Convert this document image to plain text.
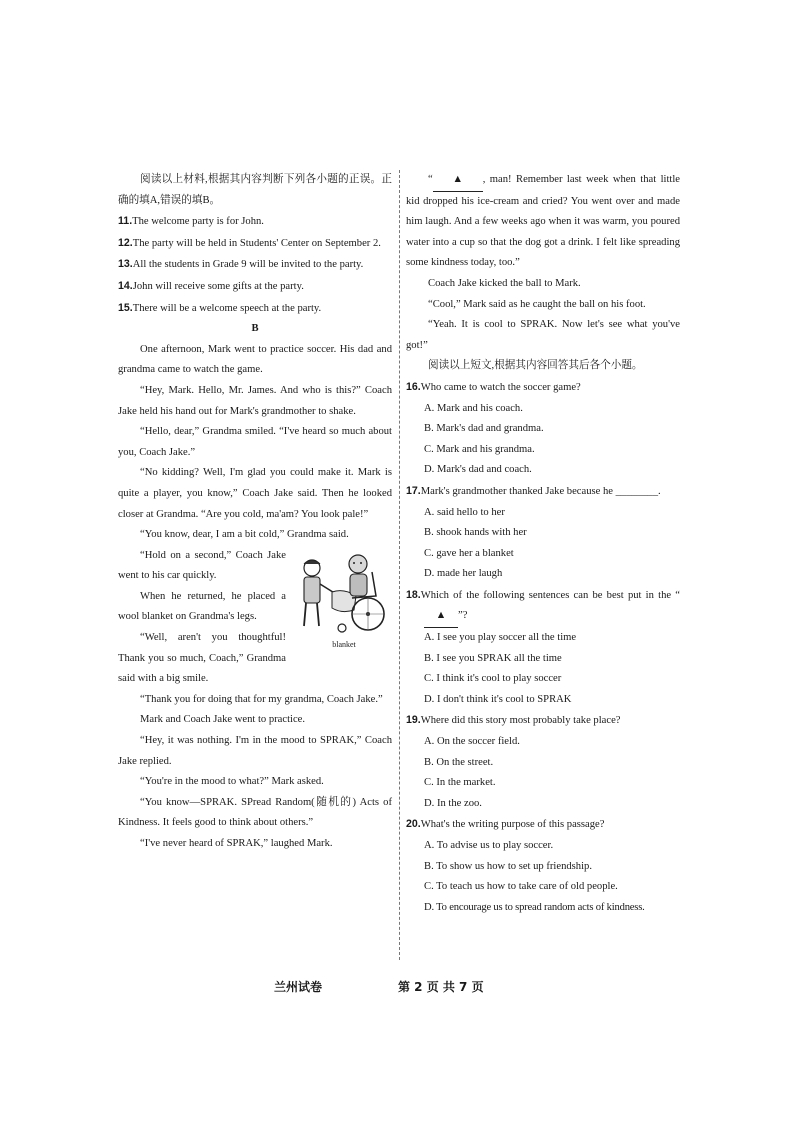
阅读以上材料,根据其内容判断下列各小题的正误。正确的填A,错误的填B。

11.The welcome party is for John.
12.The party will be held in Students' Center on September 2.
13.All the students in Grade 9 will be invited to the party.
14.John will receive some gifts at the party.
15.There will be a welcome speech at the party.

B

One afternoon, Mark went to practice soccer. His dad and grandma came to watch the game.

“Hey, Mark. Hello, Mr. James. And who is this?” Coach Jake held his hand out for Mark's grandmother to shake.

“Hello, dear,” Grandma smiled. “I've heard so much about you, Coach Jake.”

“No kidding? Well, I'm glad you could make it. Mark is quite a player, you know,” Coach Jake said. Then he looked closer at Grandma. “Are you cold, ma'am? You look pale!”

“You know, dear, I am a bit cold,” Grandma said.

blanket

“Hold on a second,” Coach Jake went to his car quickly.

When he returned, he placed a wool blanket on Grandma's legs.

“Well, aren't you thoughtful! Thank you so much, Coach,” Grandma said with a big smile.

“Thank you for doing that for my grandma, Coach Jake.”

Mark and Coach Jake went to practice.

“Hey, it was nothing. I'm in the mood to SPRAK,” Coach Jake replied.

“You're in the mood to what?” Mark asked.

“You know—SPRAK. SPread Random(随机的) Acts of Kindness. It feels good to think about others.”

“I've never heard of SPRAK,” laughed Mark.

“ ▲ , man! Remember last week when that little kid dropped his ice-cream and cried? You went over and made him laugh. And a few weeks ago when it was warm, you poured water into a cup so that the dog got a drink. I felt like spreading some kindness today, too.”

Coach Jake kicked the ball to Mark.

“Cool,” Mark said as he caught the ball on his foot.

“Yeah. It is cool to SPRAK. Now let's see what you've got!”

阅读以上短文,根据其内容回答其后各个小题。

16.Who came to watch the soccer game?
A. Mark and his coach.
B. Mark's dad and grandma.
C. Mark and his grandma.
D. Mark's dad and coach.
17.Mark's grandmother thanked Jake because he ________.
A. said hello to her
B. shook hands with her
C. gave her a blanket
D. made her laugh
18.Which of the following sentences can be best put in the “▲ ”?
A. I see you play soccer all the time
B. I see you SPRAK all the time
C. I think it's cool to play soccer
D. I don't think it's cool to SPRAK
19.Where did this story most probably take place?
A. On the soccer field.
B. On the street.
C. In the market.
D. In the zoo.
20.What's the writing purpose of this passage?
A. To advise us to play soccer.
B. To show us how to set up friendship.
C. To teach us how to take care of old people.
D. To encourage us to spread random acts of kindness.
兰州试卷	第 2 页 共 7 页
